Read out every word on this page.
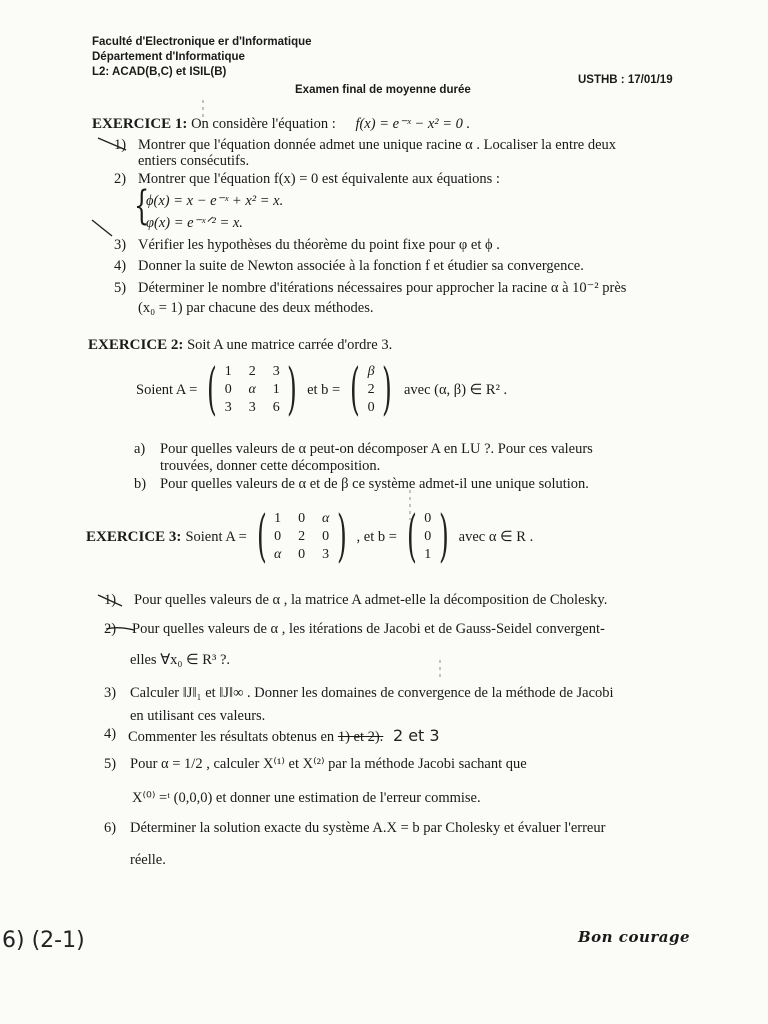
Faculté d'Electronique er d'Informatique
Département d'Informatique
L2: ACAD(B,C) et ISIL(B)
USTHB : 17/01/19
Examen final de moyenne durée
EXERCICE 1: On considère l'équation : f(x) = e⁻ˣ − x² = 0 .
1) Montrer que l'équation donnée admet une unique racine α . Localiser la entre deux
entiers consécutifs.
2) Montrer que l'équation f(x) = 0 est équivalente aux équations :
{
ϕ(x) = x − e⁻ˣ + x² = x.
φ(x) = e⁻ˣᐟ² = x.
3) Vérifier les hypothèses du théorème du point fixe pour φ et ϕ .
4) Donner la suite de Newton associée à la fonction f et étudier sa convergence.
5) Déterminer le nombre d'itérations nécessaires pour approcher la racine α à 10⁻² près
(x₀ = 1) par chacune des deux méthodes.
EXERCICE 2: Soit A une matrice carrée d'ordre 3.
Soient A = ( 1 2 3
0 α 1
3 3 6 ) et b = ( β
2
0 ) avec (α, β) ∈ R² .
a) Pour quelles valeurs de α peut-on décomposer A en LU ?. Pour ces valeurs
trouvées, donner cette décomposition.
b) Pour quelles valeurs de α et de β ce système admet-il une unique solution.
EXERCICE 3: Soient A = ( 1 0 α
0 2 0
α 0 3 ) , et b = ( 0
0
1 ) avec α ∈ R .
1) Pour quelles valeurs de α , la matrice A admet-elle la décomposition de Cholesky.
2) Pour quelles valeurs de α , les itérations de Jacobi et de Gauss-Seidel convergent-
elles ∀x₀ ∈ R³ ?.
3) Calculer ‖J‖₁ et ‖J‖∞ . Donner les domaines de convergence de la méthode de Jacobi
en utilisant ces valeurs.
4) Commenter les résultats obtenus en 1) et 2). 2 et 3
5) Pour α = 1/2 , calculer X⁽¹⁾ et X⁽²⁾ par la méthode Jacobi sachant que
X⁽⁰⁾ =ᵗ (0,0,0) et donner une estimation de l'erreur commise.
6) Déterminer la solution exacte du système A.X = b par Cholesky et évaluer l'erreur
réelle.
Bon courage
6) (2-1)
